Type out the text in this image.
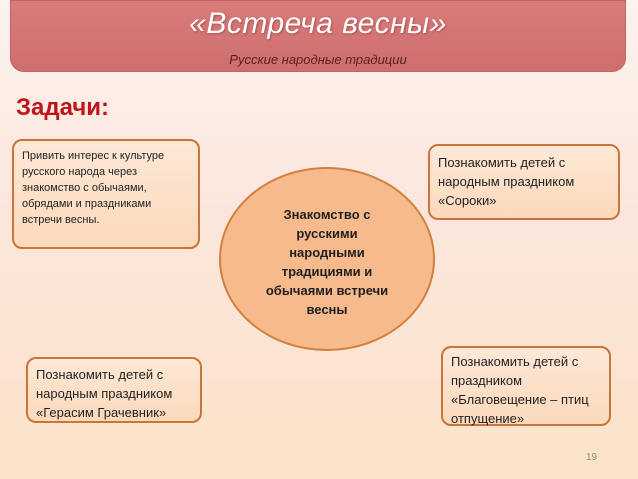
«Встреча весны»
Русские народные традиции
Задачи:
Привить интерес к культуре русского народа через знакомство с обычаями, обрядами и праздниками встречи весны.
Познакомить детей с народным праздником «Сороки»
Знакомство с русскими народными традициями и обычаями встречи весны
Познакомить детей с народным праздником «Герасим Грачевник»
Познакомить детей с праздником «Благовещение – птиц отпущение»
19
